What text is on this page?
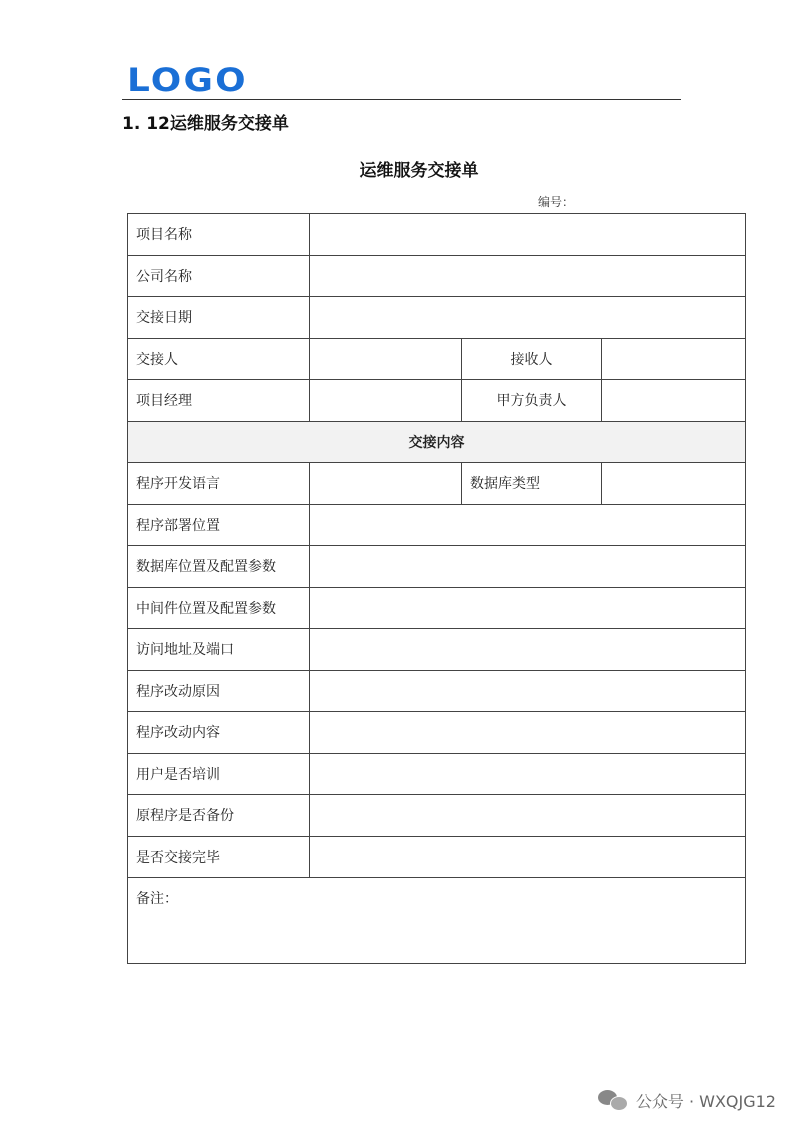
LOGO
1. 12运维服务交接单
运维服务交接单
编号：
项目名称			
公司名称			
交接日期			
交接人		接收人	
项目经理		甲方负责人	
交接内容			
程序开发语言		数据库类型	
程序部署位置			
数据库位置及配置参数			
中间件位置及配置参数			
访问地址及端口			
程序改动原因			
程序改动内容			
用户是否培训			
原程序是否备份			
是否交接完毕			
备注：			
公众号 · WXQJG12
